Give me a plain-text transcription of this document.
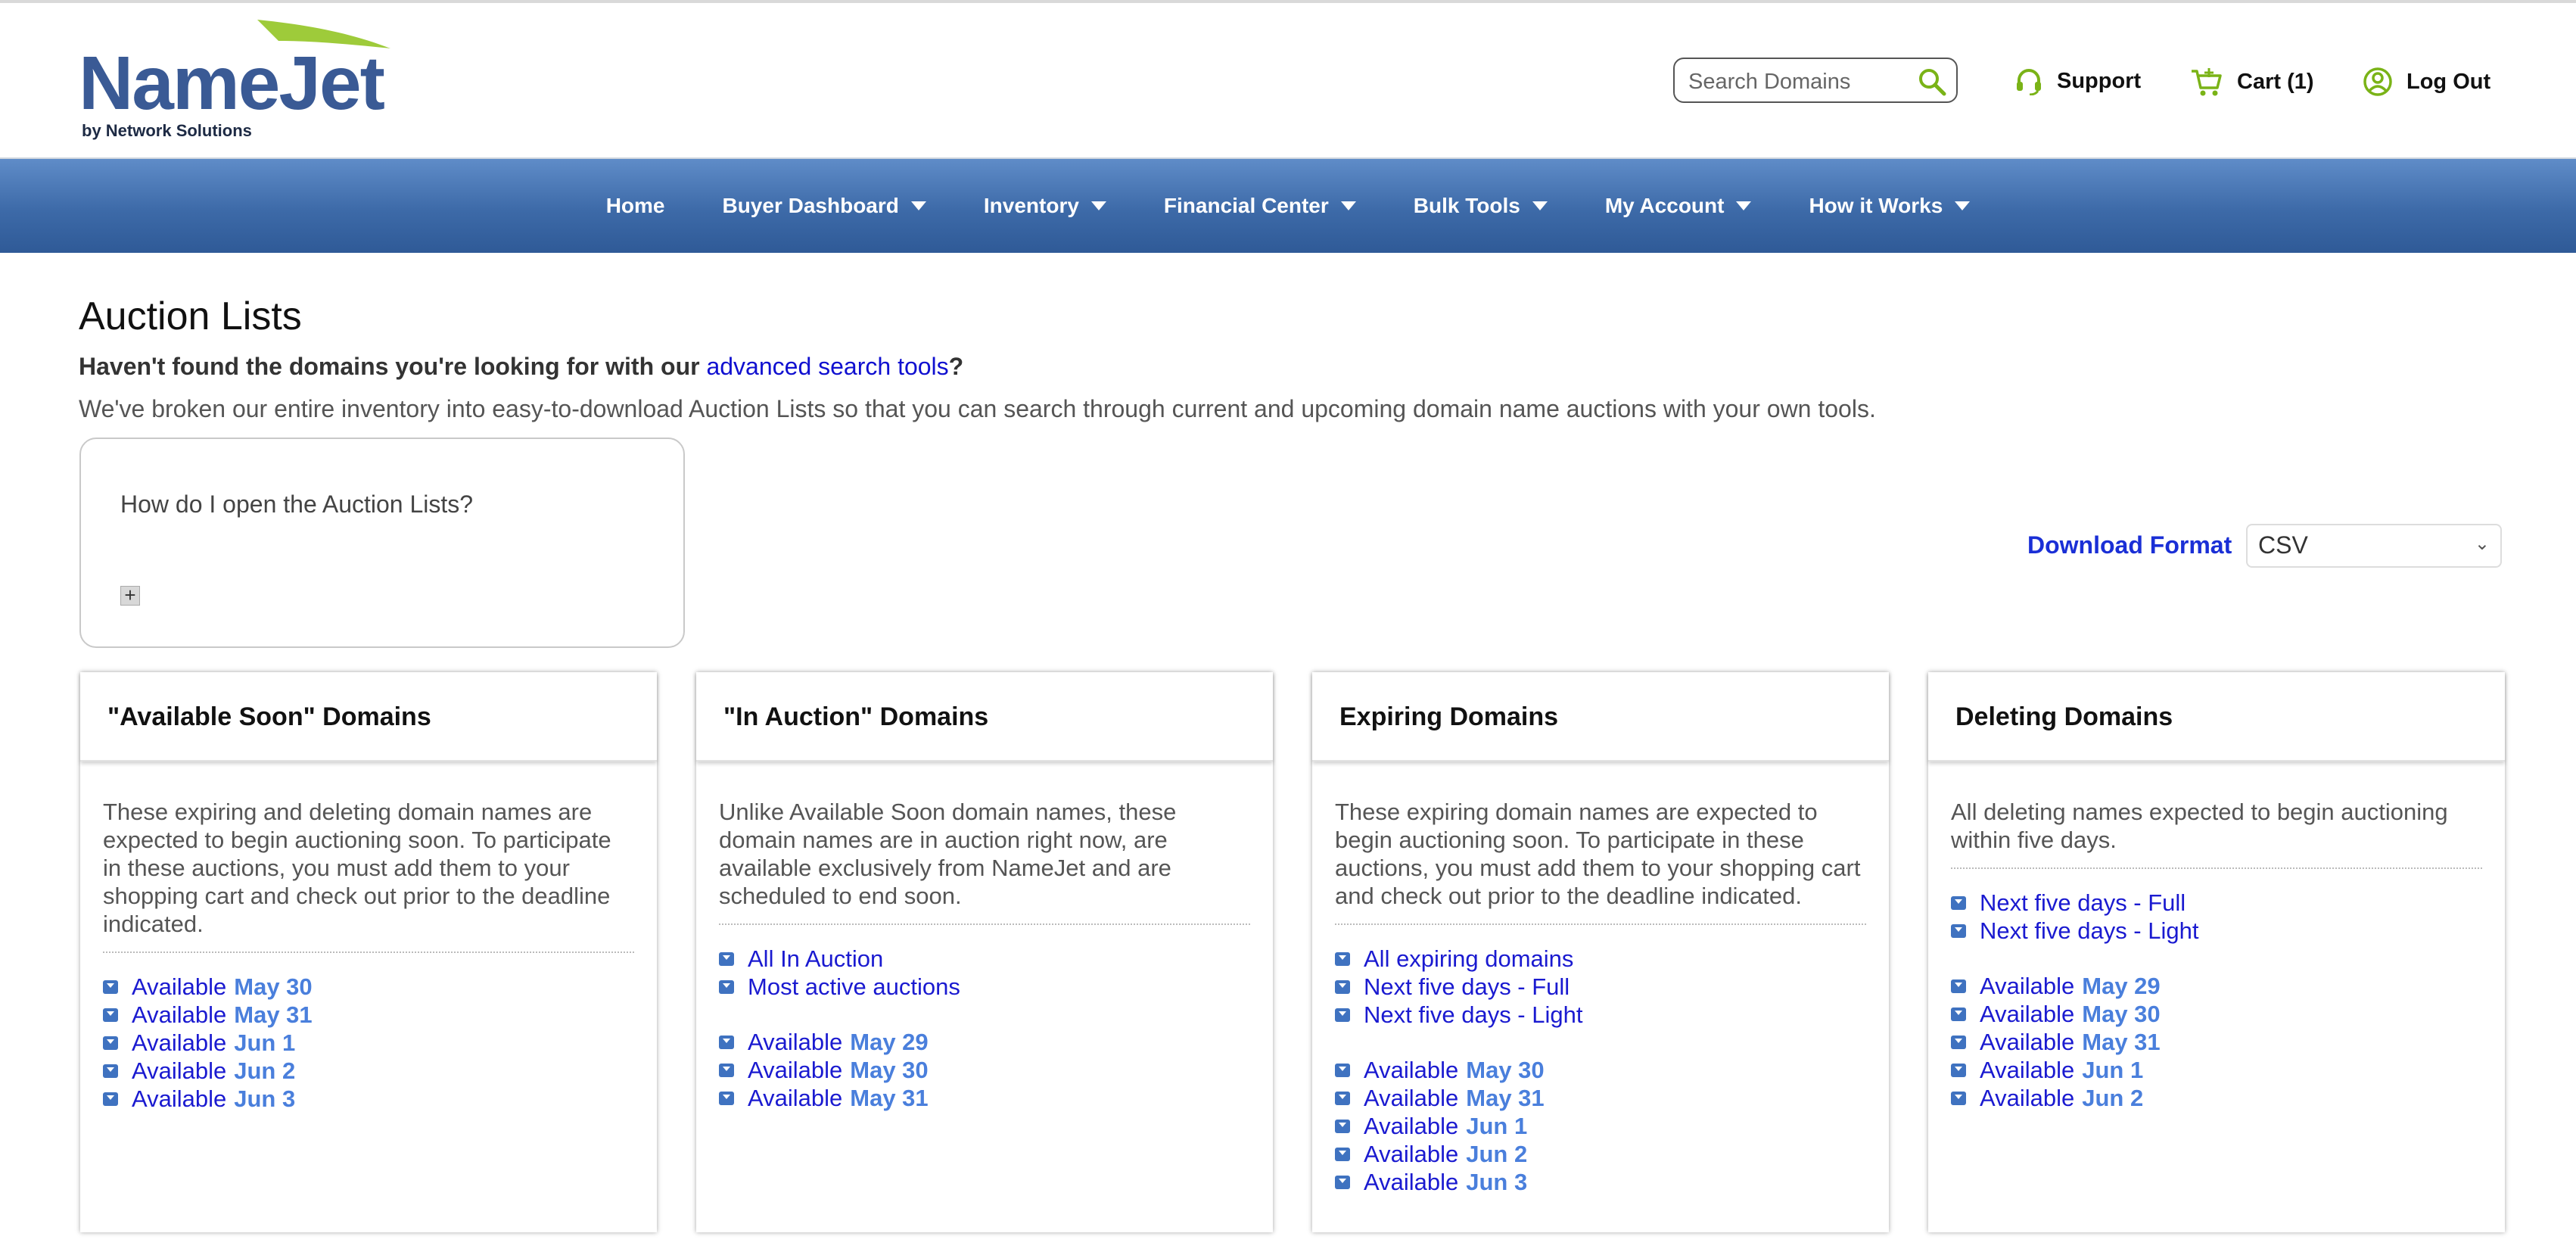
NameJet
by Network Solutions
Search Domains
Support	Cart (1)	Log Out
Home	Buyer Dashboard	Inventory	Financial Center	Bulk Tools	My Account	How it Works
Auction Lists
Haven't found the domains you're looking for with our advanced search tools?
We've broken our entire inventory into easy-to-download Auction Lists so that you can search through current and upcoming domain name auctions with your own tools.
How do I open the Auction Lists?
+
Download Format	CSV	⌄
"Available Soon" Domains
These expiring and deleting domain names are expected to begin auctioning soon. To participate in these auctions, you must add them to your shopping cart and check out prior to the deadline indicated.
Available May 30
Available May 31
Available Jun 1
Available Jun 2
Available Jun 3
"In Auction" Domains
Unlike Available Soon domain names, these domain names are in auction right now, are available exclusively from NameJet and are scheduled to end soon.
All In Auction
Most active auctions
Available May 29
Available May 30
Available May 31
Expiring Domains
These expiring domain names are expected to begin auctioning soon. To participate in these auctions, you must add them to your shopping cart and check out prior to the deadline indicated.
All expiring domains
Next five days - Full
Next five days - Light
Available May 30
Available May 31
Available Jun 1
Available Jun 2
Available Jun 3
Deleting Domains
All deleting names expected to begin auctioning within five days.
Next five days - Full
Next five days - Light
Available May 29
Available May 30
Available May 31
Available Jun 1
Available Jun 2
